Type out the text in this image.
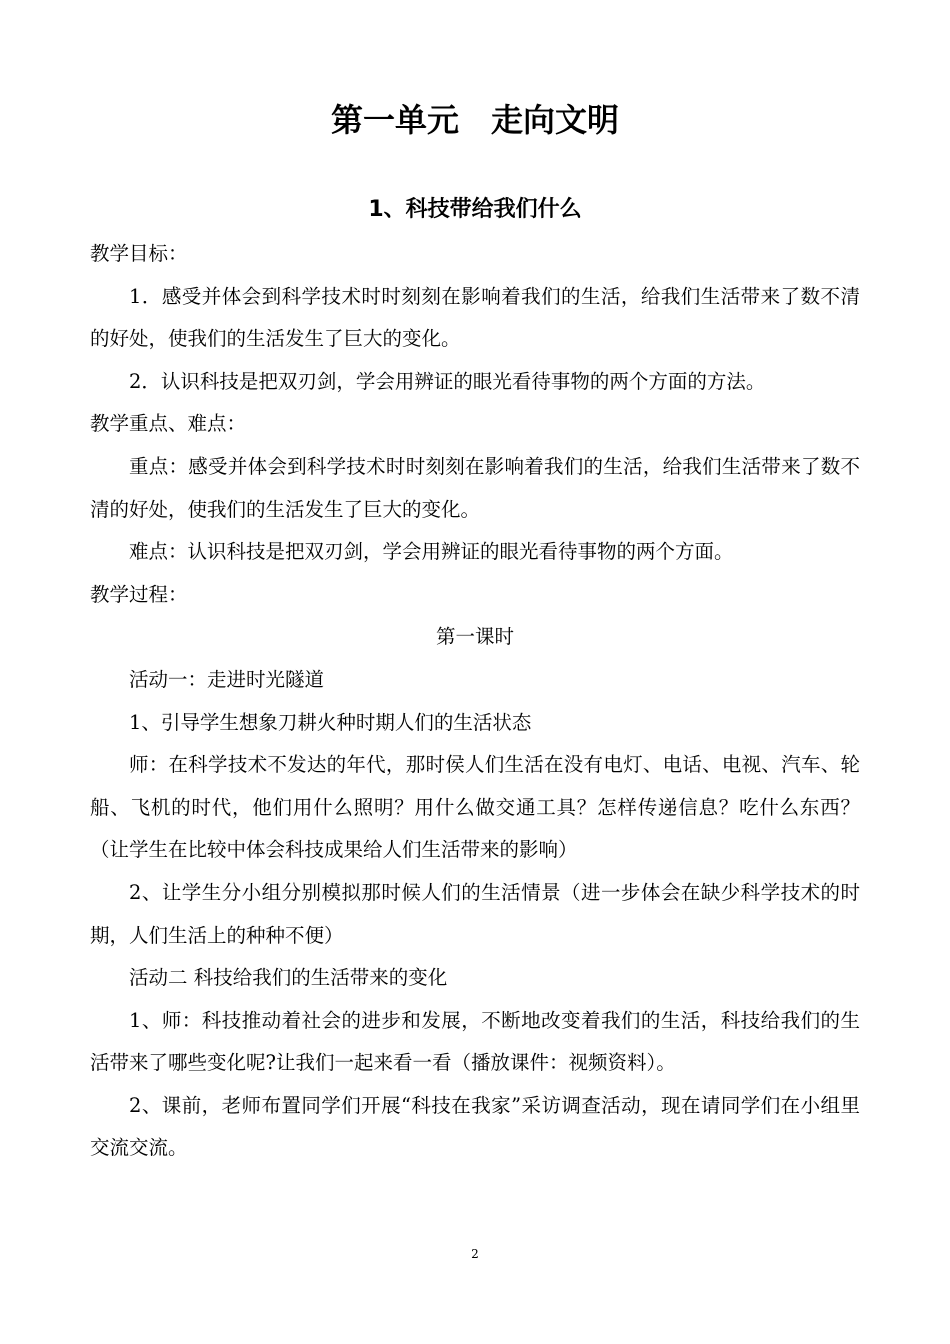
第一单元　走向文明
1、科技带给我们什么

教学目标：

1．感受并体会到科学技术时时刻刻在影响着我们的生活，给我们生活带来了数不清的好处，使我们的生活发生了巨大的变化。

2．认识科技是把双刃剑，学会用辨证的眼光看待事物的两个方面的方法。

教学重点、难点：

重点：感受并体会到科学技术时时刻刻在影响着我们的生活，给我们生活带来了数不清的好处，使我们的生活发生了巨大的变化。

难点：认识科技是把双刃剑，学会用辨证的眼光看待事物的两个方面。

教学过程：

第一课时

活动一：走进时光隧道

1、引导学生想象刀耕火种时期人们的生活状态

师：在科学技术不发达的年代，那时侯人们生活在没有电灯、电话、电视、汽车、轮船、飞机的时代，他们用什么照明？用什么做交通工具？怎样传递信息？吃什么东西？（让学生在比较中体会科技成果给人们生活带来的影响）

2、让学生分小组分别模拟那时候人们的生活情景（进一步体会在缺少科学技术的时期，人们生活上的种种不便）

活动二 科技给我们的生活带来的变化

1、师：科技推动着社会的进步和发展，不断地改变着我们的生活，科技给我们的生活带来了哪些变化呢?让我们一起来看一看（播放课件：视频资料）。

2、课前，老师布置同学们开展“科技在我家”采访调查活动，现在请同学们在小组里交流交流。

2
